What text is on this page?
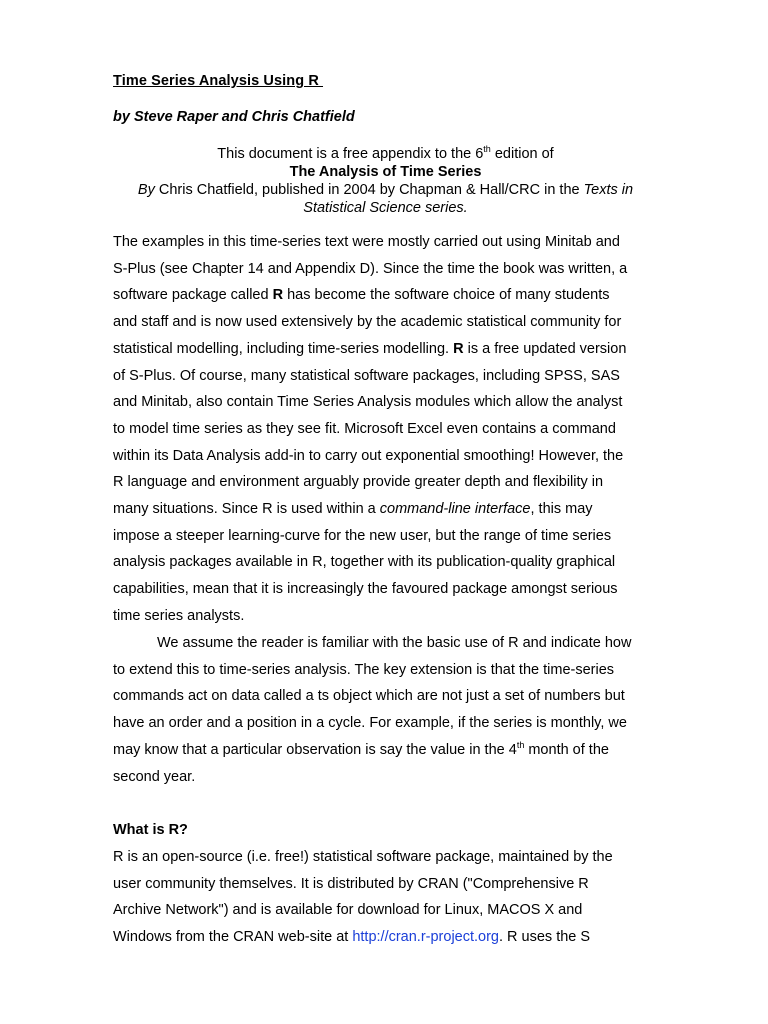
Time Series Analysis Using R
by Steve Raper and Chris Chatfield
This document is a free appendix to the 6th edition of
The Analysis of Time Series
By Chris Chatfield, published in 2004 by Chapman & Hall/CRC in the Texts in
Statistical Science series.
The examples in this time-series text were mostly carried out using Minitab and
S-Plus (see Chapter 14 and Appendix D). Since the time the book was written, a
software package called R has become the software choice of many students
and staff and is now used extensively by the academic statistical community for
statistical modelling, including time-series modelling. R is a free updated version
of S-Plus. Of course, many statistical software packages, including SPSS, SAS
and Minitab, also contain Time Series Analysis modules which allow the analyst
to model time series as they see fit. Microsoft Excel even contains a command
within its Data Analysis add-in to carry out exponential smoothing! However, the
R language and environment arguably provide greater depth and flexibility in
many situations. Since R is used within a command-line interface, this may
impose a steeper learning-curve for the new user, but the range of time series
analysis packages available in R, together with its publication-quality graphical
capabilities, mean that it is increasingly the favoured package amongst serious
time series analysts.
We assume the reader is familiar with the basic use of R and indicate how
to extend this to time-series analysis. The key extension is that the time-series
commands act on data called a ts object which are not just a set of numbers but
have an order and a position in a cycle. For example, if the series is monthly, we
may know that a particular observation is say the value in the 4th month of the
second year.
What is R?
R is an open-source (i.e. free!) statistical software package, maintained by the
user community themselves. It is distributed by CRAN ("Comprehensive R
Archive Network") and is available for download for Linux, MACOS X and
Windows from the CRAN web-site at http://cran.r-project.org. R uses the S
